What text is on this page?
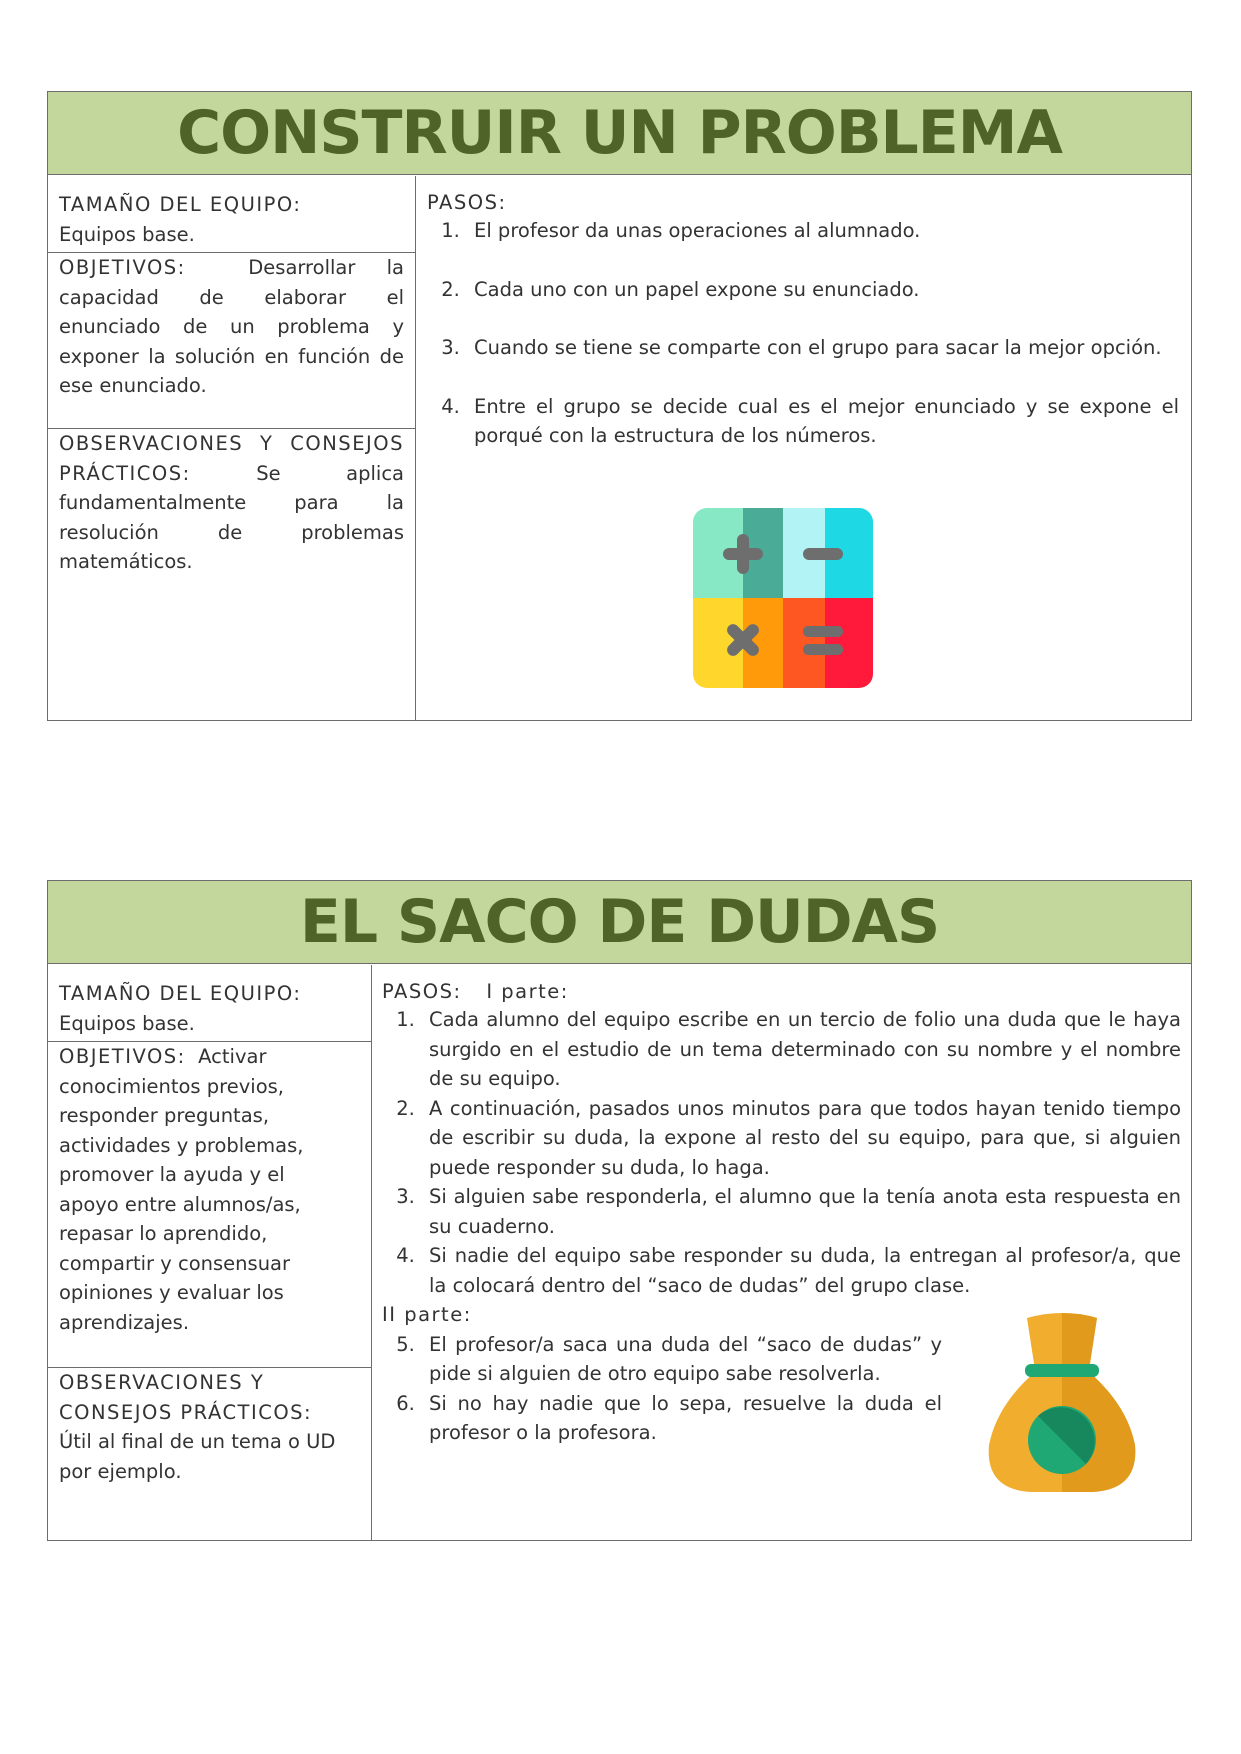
CONSTRUIR UN PROBLEMA
TAMAÑO DEL EQUIPO:
Equipos base.
OBJETIVOS:	Desarrollar la capacidad de elaborar el enunciado de un problema y exponer la solución en función de ese enunciado.
OBSERVACIONES Y CONSEJOS PRÁCTICOS:	Se aplica fundamentalmente para la resolución de problemas matemáticos.
PASOS:
1. El profesor da unas operaciones al alumnado.
2. Cada uno con un papel expone su enunciado.
3. Cuando se tiene se comparte con el grupo para sacar la mejor opción.
4. Entre el grupo se decide cual es el mejor enunciado y se expone el porqué con la estructura de los números.
EL SACO DE DUDAS
TAMAÑO DEL EQUIPO:
Equipos base.
OBJETIVOS: Activar conocimientos previos, responder preguntas, actividades y problemas, promover la ayuda y el apoyo entre alumnos/as, repasar lo aprendido, compartir y consensuar opiniones y evaluar los aprendizajes.
OBSERVACIONES Y CONSEJOS PRÁCTICOS:
Útil al final de un tema o UD por ejemplo.
PASOS: I parte:
1. Cada alumno del equipo escribe en un tercio de folio una duda que le haya surgido en el estudio de un tema determinado con su nombre y el nombre de su equipo.
2. A continuación, pasados unos minutos para que todos hayan tenido tiempo de escribir su duda, la expone al resto del su equipo, para que, si alguien puede responder su duda, lo haga.
3. Si alguien sabe responderla, el alumno que la tenía anota esta respuesta en su cuaderno.
4. Si nadie del equipo sabe responder su duda, la entregan al profesor/a, que la colocará dentro del “saco de dudas” del grupo clase.
II parte:
5. El profesor/a saca una duda del “saco de dudas” y pide si alguien de otro equipo sabe resolverla.
6. Si no hay nadie que lo sepa, resuelve la duda el profesor o la profesora.
